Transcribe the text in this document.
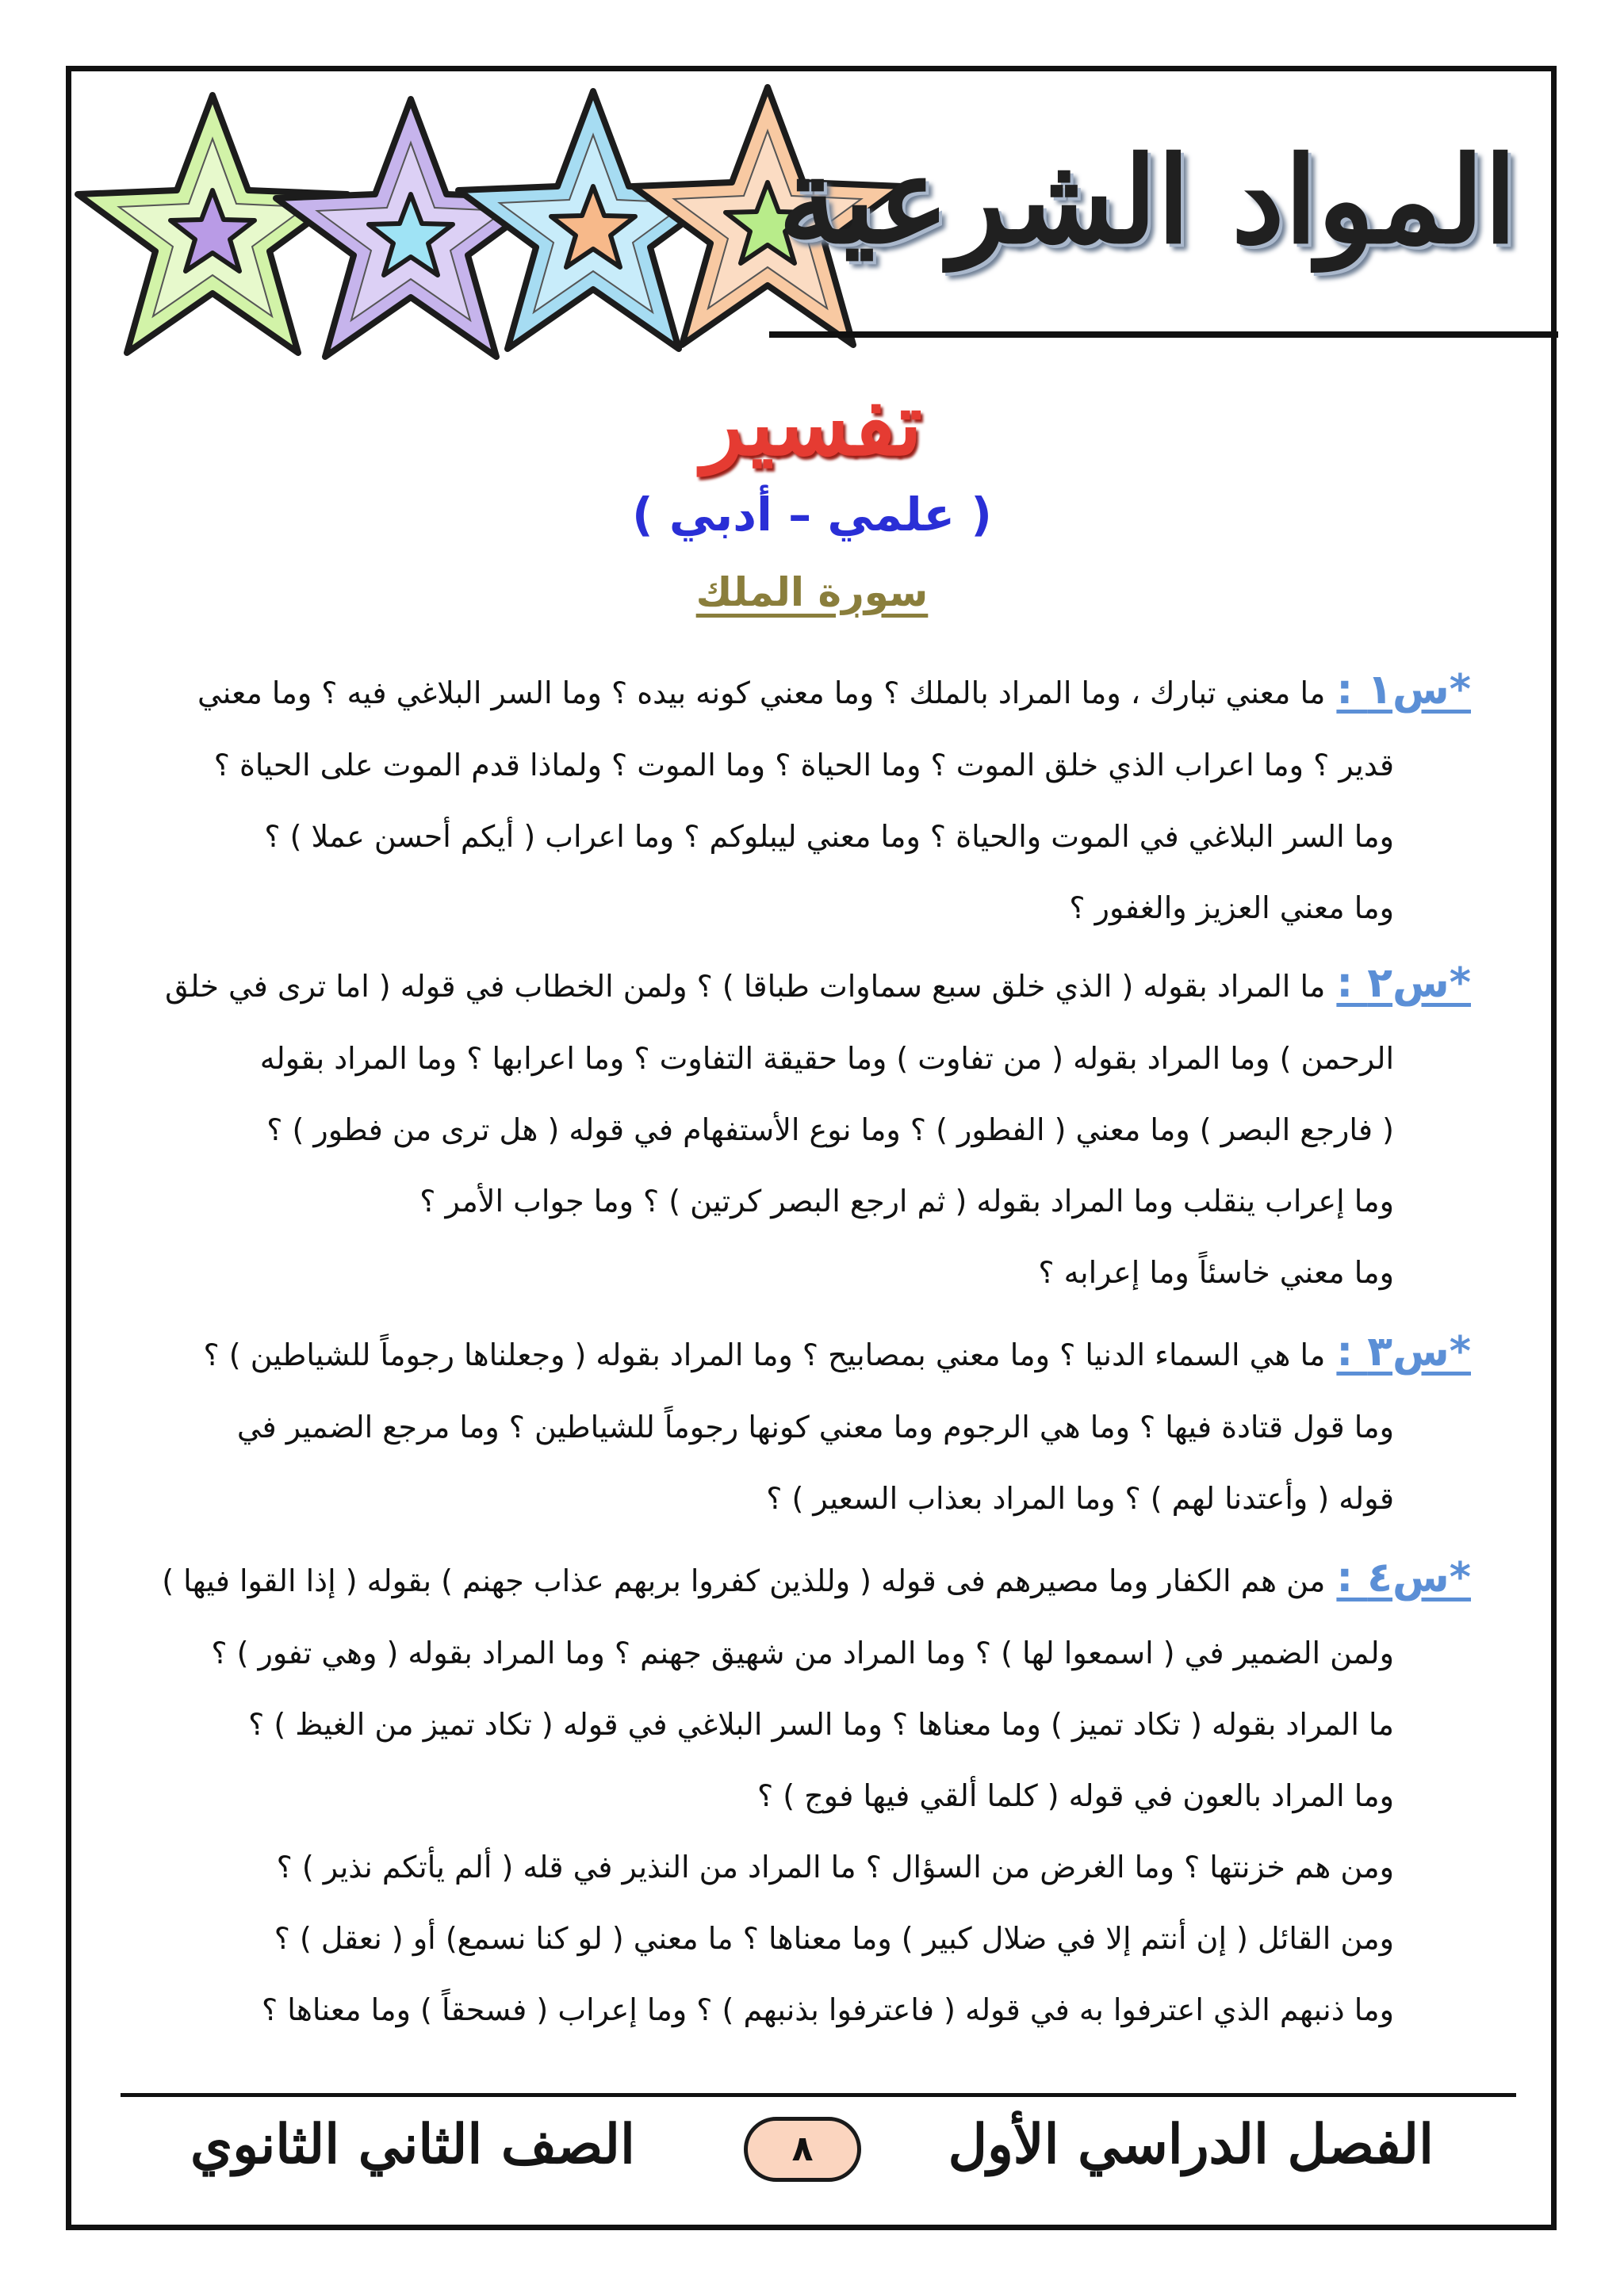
المواد الشرعية
تفسير
( علمي – أدبي )
سورة الملك
*س١ :ما معني تبارك ، وما المراد بالملك ؟ وما معني كونه بيده ؟ وما السر البلاغي فيه ؟ وما معني
قدير ؟ وما اعراب الذي خلق الموت ؟ وما الحياة ؟ وما الموت ؟ ولماذا قدم الموت على الحياة ؟
وما السر البلاغي في الموت والحياة ؟ وما معني ليبلوكم ؟ وما اعراب ( أيكم أحسن عملا ) ؟
وما معني العزيز والغفور ؟
*س٢ :ما المراد بقوله ( الذي خلق سبع سماوات طباقا ) ؟ ولمن الخطاب في قوله ( اما ترى في خلق
الرحمن ) وما المراد بقوله ( من تفاوت ) وما حقيقة التفاوت ؟ وما اعرابها ؟ وما المراد بقوله
( فارجع البصر ) وما معني ( الفطور ) ؟ وما نوع الأستفهام في قوله ( هل ترى من فطور ) ؟
وما إعراب ينقلب وما المراد بقوله ( ثم ارجع البصر كرتين ) ؟ وما جواب الأمر ؟
وما معني خاسئاً وما إعرابه ؟
*س٣ :ما هي السماء الدنيا ؟ وما معني بمصابيح ؟ وما المراد بقوله ( وجعلناها رجوماً للشياطين ) ؟
وما قول قتادة فيها ؟ وما هي الرجوم وما معني كونها رجوماً للشياطين ؟ وما مرجع الضمير في
قوله ( وأعتدنا لهم ) ؟ وما المراد بعذاب السعير ) ؟
*س٤ :من هم الكفار وما مصيرهم فى قوله ( وللذين كفروا بربهم عذاب جهنم ) بقوله ( إذا القوا فيها )
ولمن الضمير في ( اسمعوا لها ) ؟ وما المراد من شهيق جهنم ؟ وما المراد بقوله ( وهي تفور ) ؟
ما المراد بقوله ( تكاد تميز ) وما معناها ؟ وما السر البلاغي في قوله ( تكاد تميز من الغيظ ) ؟
وما المراد بالعون في قوله ( كلما ألقي فيها فوج ) ؟
ومن هم خزنتها ؟ وما الغرض من السؤال ؟ ما المراد من النذير في قله ( ألم يأتكم نذير ) ؟
ومن القائل ( إن أنتم إلا في ضلال كبير ) وما معناها ؟ ما معني ( لو كنا نسمع) أو ( نعقل ) ؟
وما ذنبهم الذي اعترفوا به في قوله ( فاعترفوا بذنبهم ) ؟ وما إعراب ( فسحقاً ) وما معناها ؟
الفصل الدراسي الأول
٨
الصف الثاني الثانوي
